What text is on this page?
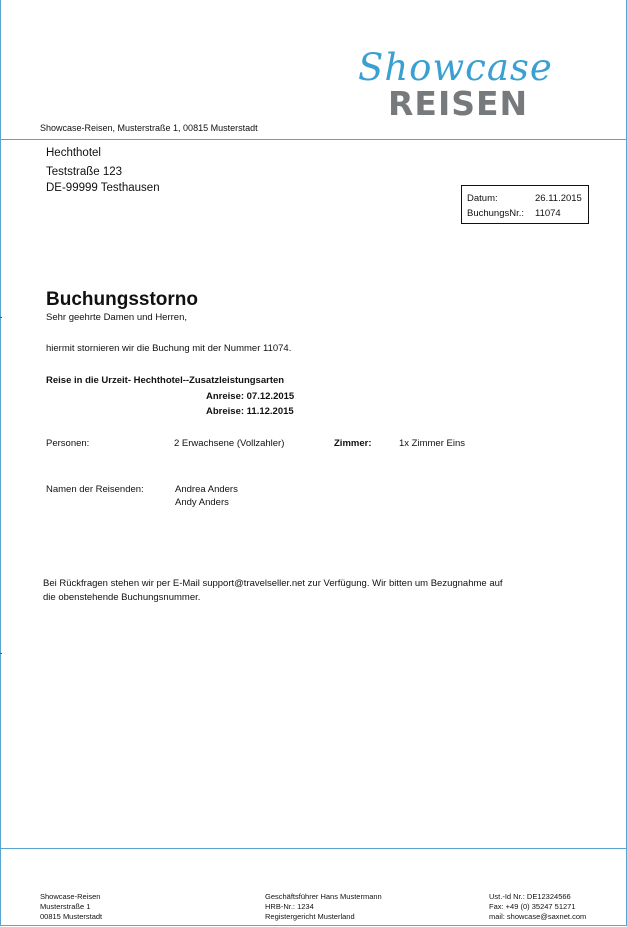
Showcase
REISEN
Showcase-Reisen, Musterstraße 1, 00815 Musterstadt
Hechthotel
Teststraße 123
DE-99999 Testhausen
Datum:	26.11.2015
BuchungsNr.: 11074
Buchungsstorno
Sehr geehrte Damen und Herren,
hiermit stornieren wir die Buchung mit der Nummer 11074.
Reise in die Urzeit- Hechthotel--Zusatzleistungsarten
Anreise: 07.12.2015
Abreise: 11.12.2015
Personen:	2 Erwachsene (Vollzahler)	Zimmer:	1x Zimmer Eins
Namen der Reisenden:	Andrea Anders
Andy Anders
Bei Rückfragen stehen wir per E-Mail support@travelseller.net zur Verfügung. Wir bitten um Bezugnahme auf
die obenstehende Buchungsnummer.
Showcase-Reisen
Musterstraße 1
00815 Musterstadt
Geschäftsführer Hans Mustermann
HRB-Nr.: 1234
Registergericht Musterland
Ust.-Id Nr.: DE12324566
Fax: +49 (0) 35247 51271
mail: showcase@saxnet.com
